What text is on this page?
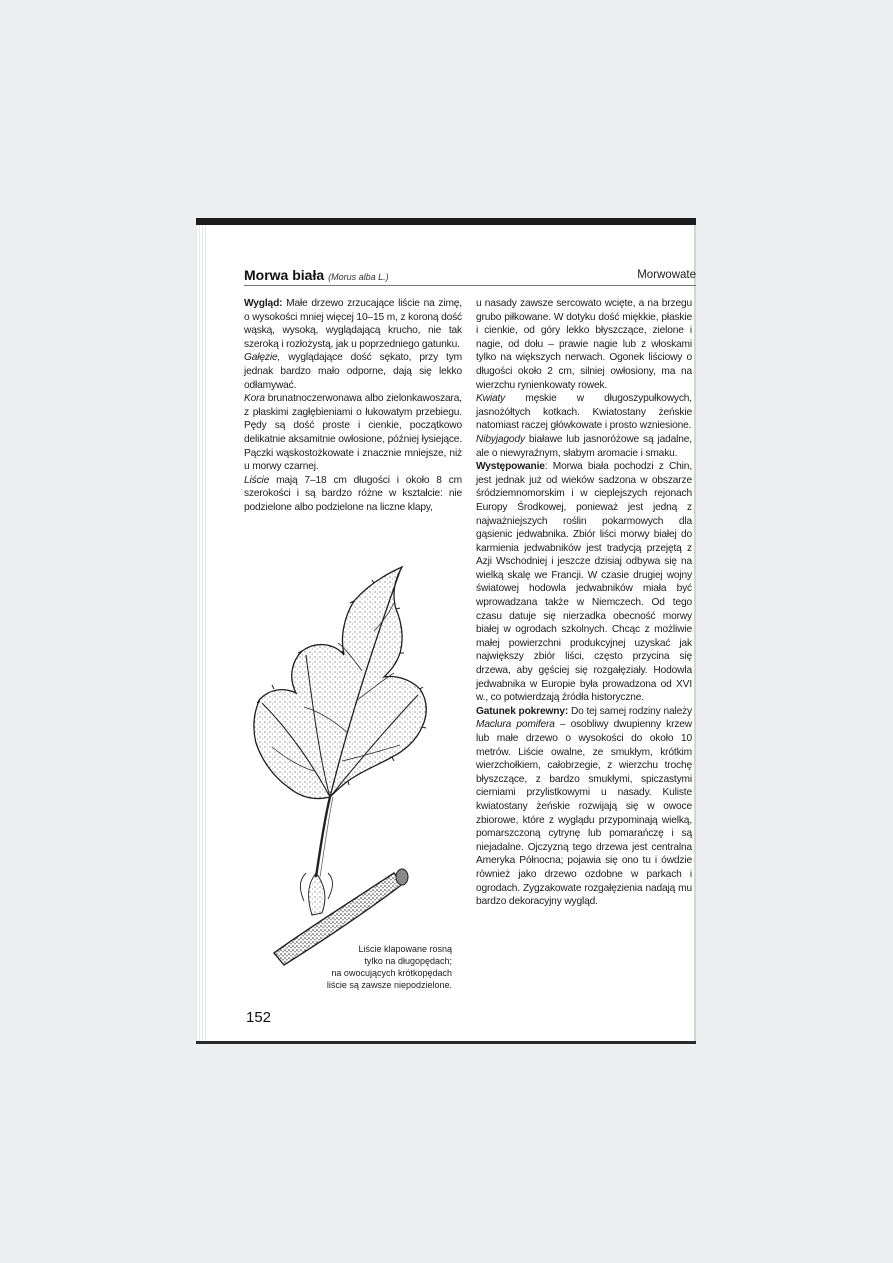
Morwa biała (Morus alba L.)	Morwowate

Wygląd: Małe drzewo zrzucające liście na zimę, o wysokości mniej więcej 10–15 m, z koroną dość wąską, wysoką, wyglądającą krucho, nie tak szeroką i rozłożystą, jak u poprzedniego gatunku.

Gałęzie, wyglądające dość sękato, przy tym jednak bardzo mało odporne, dają się lekko odłamywać.

Kora brunatnoczerwonawa albo zielonkawoszara, z płaskimi zagłębieniami o łukowatym przebiegu. Pędy są dość proste i cienkie, początkowo delikatnie aksamitnie owłosione, później łysiejące. Pączki wąskostożkowate i znacznie mniejsze, niż u morwy czarnej.

Liście mają 7–18 cm długości i około 8 cm szerokości i są bardzo różne w kształcie: nie podzielone albo podzielone na liczne klapy,

Liście klapowane rosną
tylko na długopędach;
na owocujących krótkopędach
liście są zawsze niepodzielone.

u nasady zawsze sercowato wcięte, a na brzegu grubo piłkowane. W dotyku dość miękkie, płaskie i cienkie, od góry lekko błyszczące, zielone i nagie, od dołu – prawie nagie lub z włoskami tylko na większych nerwach. Ogonek liściowy o długości około 2 cm, silniej owłosiony, ma na wierzchu rynienkowaty rowek.

Kwiaty męskie w długoszypułkowych, jasnożółtych kotkach. Kwiatostany żeńskie natomiast raczej główkowate i prosto wzniesione.

Nibyjagody białawe lub jasnoróżowe są jadalne, ale o niewyraźnym, słabym aromacie i smaku.

Występowanie: Morwa biała pochodzi z Chin, jest jednak już od wieków sadzona w obszarze śródziemnomorskim i w cieplejszych rejonach Europy Środkowej, ponieważ jest jedną z najważniejszych roślin pokarmowych dla gąsienic jedwabnika. Zbiór liści morwy białej do karmienia jedwabników jest tradycją przejętą z Azji Wschodniej i jeszcze dzisiaj odbywa się na wielką skalę we Francji. W czasie drugiej wojny światowej hodowla jedwabników miała być wprowadzana także w Niemczech. Od tego czasu datuje się nierzadka obecność morwy białej w ogrodach szkolnych. Chcąc z możliwie małej powierzchni produkcyjnej uzyskać jak największy zbiór liści, często przycina się drzewa, aby gęściej się rozgałęziały. Hodowla jedwabnika w Europie była prowadzona od XVI w., co potwierdzają źródła historyczne.

Gatunek pokrewny: Do tej samej rodziny należy Maclura pomifera – osobliwy dwupienny krzew lub małe drzewo o wysokości do około 10 metrów. Liście owalne, ze smukłym, krótkim wierzchołkiem, całobrzegie, z wierzchu trochę błyszczące, z bardzo smukłymi, spiczastymi cierniami przylistkowymi u nasady. Kuliste kwiatostany żeńskie rozwijają się w owoce zbiorowe, które z wyglądu przypominają wielką, pomarszczoną cytrynę lub pomarańczę i są niejadalne. Ojczyzną tego drzewa jest centralna Ameryka Północna; pojawia się ono tu i ówdzie również jako drzewo ozdobne w parkach i ogrodach. Zygzakowate rozgałęzienia nadają mu bardzo dekoracyjny wygląd.

152
